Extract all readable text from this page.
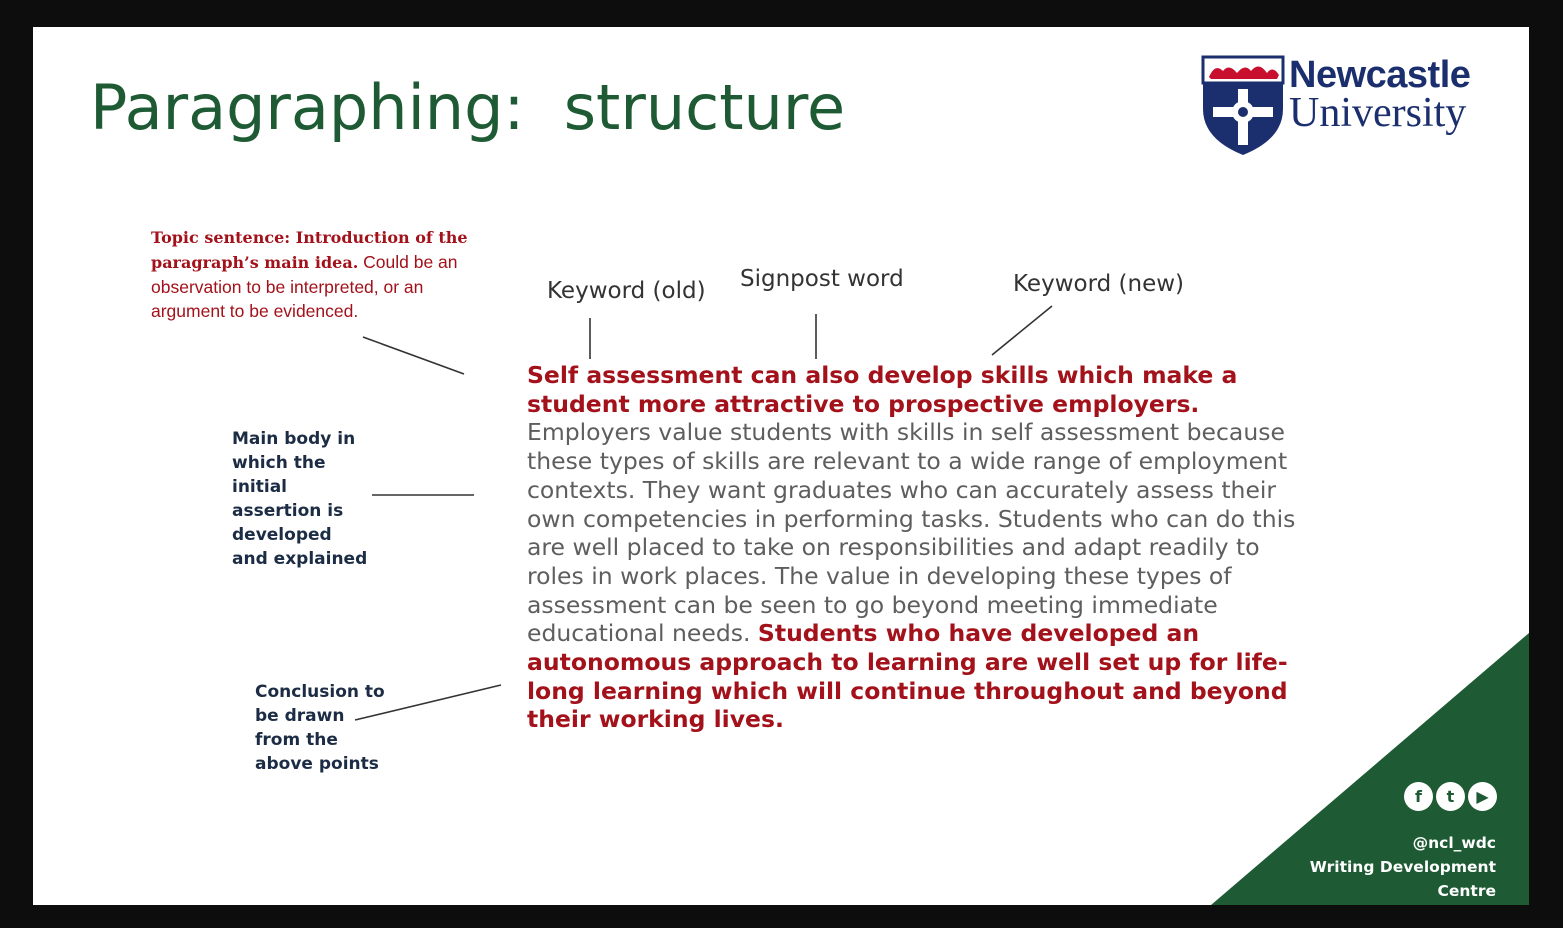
Paragraphing:  structure	Newcastle
University

Topic sentence: Introduction of the paragraph’s main idea. Could be an observation to be interpreted, or an argument to be evidenced.

Main body in which the initial assertion is developed and explained

Conclusion to be drawn from the above points

Keyword (old) Signpost word	Keyword (new)

Self assessment can also develop skills which make a student more attractive to prospective employers. Employers value students with skills in self assessment because these types of skills are relevant to a wide range of employment contexts. They want graduates who can accurately assess their own competencies in performing tasks. Students who can do this are well placed to take on responsibilities and adapt readily to roles in work places. The value in developing these types of assessment can be seen to go beyond meeting immediate educational needs. Students who have developed an autonomous approach to learning are well set up for life-long learning which will continue throughout and beyond their working lives.

f	t	▶
@ncl_wdc
Writing Development
Centre
